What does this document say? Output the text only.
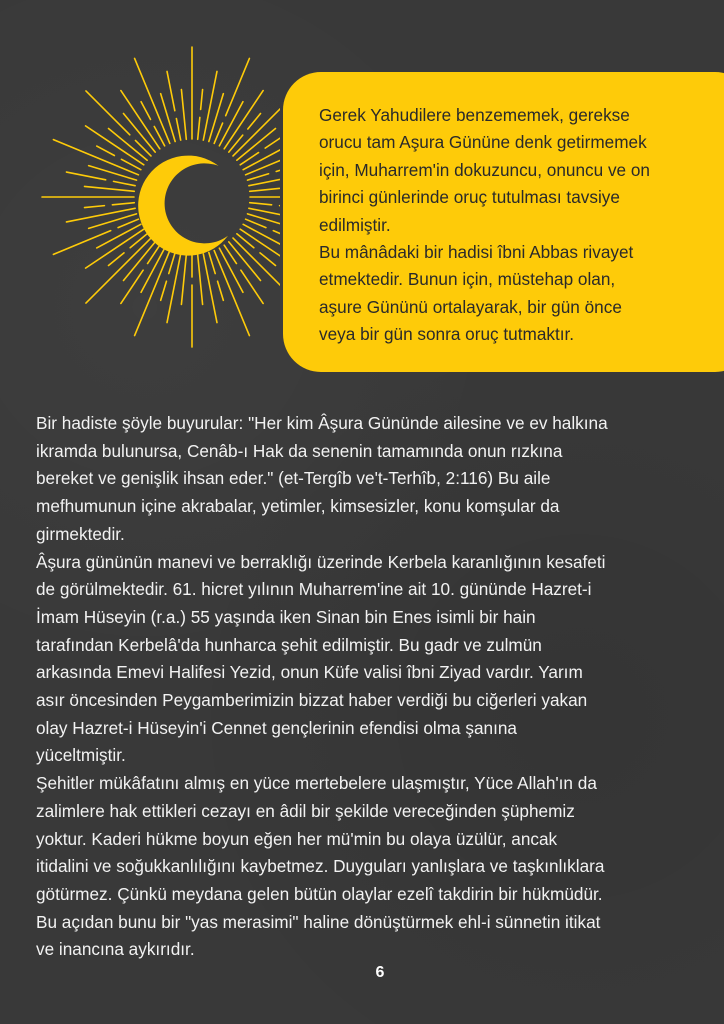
Gerek Yahudilere benzememek, gerekse
orucu tam Aşura Gününe denk getirmemek
için, Muharrem'in dokuzuncu, onuncu ve on
birinci günlerinde oruç tutulması tavsiye
edilmiştir.
Bu mânâdaki bir hadisi îbni Abbas rivayet
etmektedir. Bunun için, müstehap olan,
aşure Gününü ortalayarak, bir gün önce
veya bir gün sonra oruç tutmaktır.

Bir hadiste şöyle buyurular: "Her kim Âşura Gününde ailesine ve ev halkına
ikramda bulunursa, Cenâb-ı Hak da senenin tamamında onun rızkına
bereket ve genişlik ihsan eder." (et-Tergîb ve't-Terhîb, 2:116) Bu aile
mefhumunun içine akrabalar, yetimler, kimsesizler, konu komşular da
girmektedir.
Âşura gününün manevi ve berraklığı üzerinde Kerbela karanlığının kesafeti
de görülmektedir. 61. hicret yılının Muharrem'ine ait 10. gününde Hazret-i
İmam Hüseyin (r.a.) 55 yaşında iken Sinan bin Enes isimli bir hain
tarafından Kerbelâ'da hunharca şehit edilmiştir. Bu gadr ve zulmün
arkasında Emevi Halifesi Yezid, onun Küfe valisi îbni Ziyad vardır. Yarım
asır öncesinden Peygamberimizin bizzat haber verdiği bu ciğerleri yakan
olay Hazret-i Hüseyin'i Cennet gençlerinin efendisi olma şanına
yüceltmiştir.
Şehitler mükâfatını almış en yüce mertebelere ulaşmıştır, Yüce Allah'ın da
zalimlere hak ettikleri cezayı en âdil bir şekilde vereceğinden şüphemiz
yoktur. Kaderi hükme boyun eğen her mü'min bu olaya üzülür, ancak
itidalini ve soğukkanlılığını kaybetmez. Duyguları yanlışlara ve taşkınlıklara
götürmez. Çünkü meydana gelen bütün olaylar ezelî takdirin bir hükmüdür.
Bu açıdan bunu bir "yas merasimi" haline dönüştürmek ehl-i sünnetin itikat
ve inancına aykırıdır.

6
